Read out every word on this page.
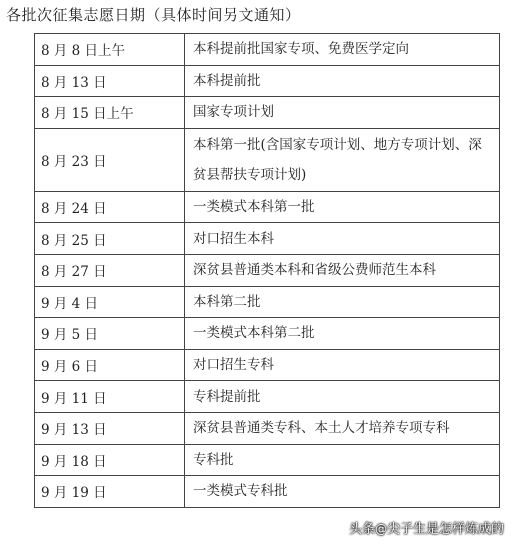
各批次征集志愿日期（具体时间另文通知）
8 月 8 日上午	本科提前批国家专项、免费医学定向
8 月 13 日	本科提前批
8 月 15 日上午	国家专项计划
8 月 23 日	本科第一批(含国家专项计划、地方专项计划、深贫县帮扶专项计划)
8 月 24 日	一类模式本科第一批
8 月 25 日	对口招生本科
8 月 27 日	深贫县普通类本科和省级公费师范生本科
9 月 4 日	本科第二批
9 月 5 日	一类模式本科第二批
9 月 6 日	对口招生专科
9 月 11 日	专科提前批
9 月 13 日	深贫县普通类专科、本土人才培养专项专科
9 月 18 日	专科批
9 月 19 日	一类模式专科批
头条@尖子生是怎样炼成的
